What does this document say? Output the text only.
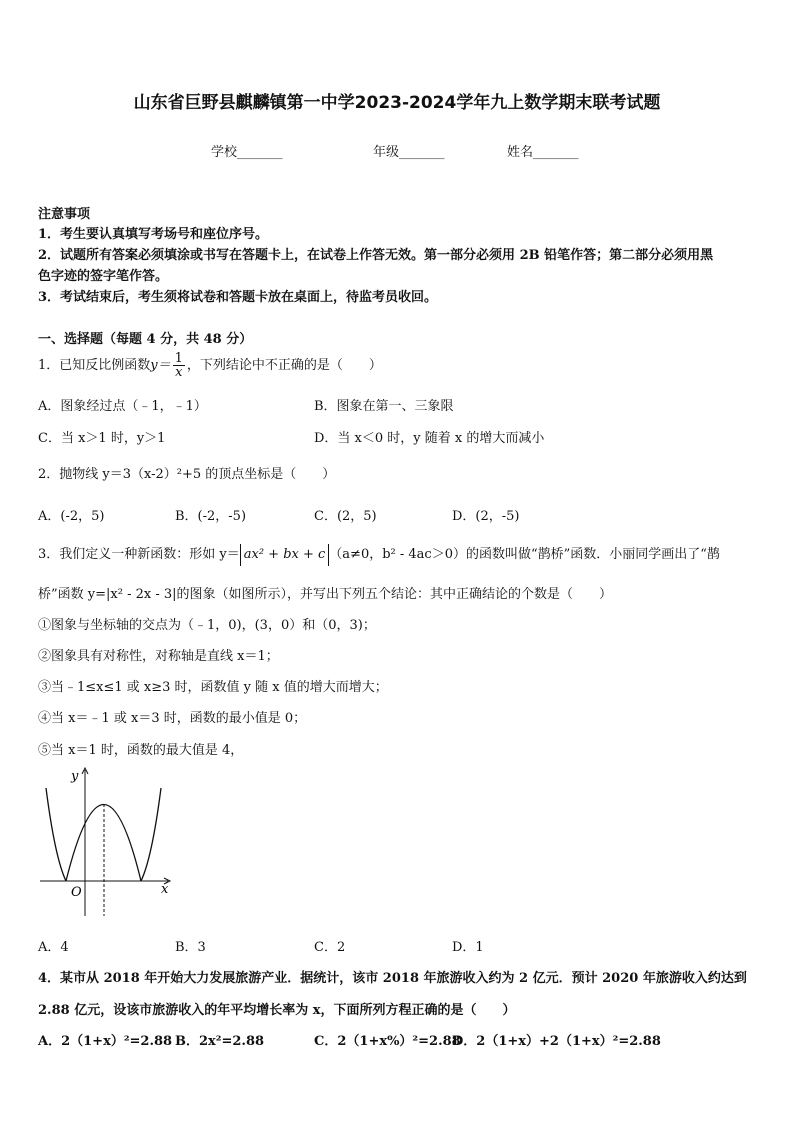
山东省巨野县麒麟镇第一中学2023-2024学年九上数学期末联考试题
学校_______	年级_______	姓名_______
注意事项
1．考生要认真填写考场号和座位序号。
2．试题所有答案必须填涂或书写在答题卡上，在试卷上作答无效。第一部分必须用 2B 铅笔作答；第二部分必须用黑
色字迹的签字笔作答。
3．考试结束后，考生须将试卷和答题卡放在桌面上，待监考员收回。
一、选择题（每题 4 分，共 48 分）
1．已知反比例函数$y= \frac{1}{x}$ ，下列结论中不正确的是（　　）
A．图象经过点（﹣1，﹣1）	B．图象在第一、三象限
C．当 x＞1 时，y＞1	D．当 x＜0 时，y 随着 x 的增大而减小
2．抛物线 y＝3（x-2）²+5 的顶点坐标是（　　）
A．(-2，5)	B．(-2，-5)	C．(2，5)	D．(2，-5)
3．我们定义一种新函数：形如 y＝ ax² + bx + c （a≠0，b² - 4ac＞0）的函数叫做“鹊桥”函数．小丽同学画出了“鹊
桥”函数 y=|x² - 2x - 3|的图象（如图所示），并写出下列五个结论：其中正确结论的个数是（　　）
①图象与坐标轴的交点为（﹣1，0)，(3，0）和（0，3)；
②图象具有对称性，对称轴是直线 x＝1；
③当﹣1≤x≤1 或 x≥3 时，函数值 y 随 x 值的增大而增大；
④当 x＝﹣1 或 x＝3 时，函数的最小值是 0；
⑤当 x＝1 时，函数的最大值是 4，
y
x
O
A．4	B．3	C．2	D．1
4．某市从 2018 年开始大力发展旅游产业．据统计，该市 2018 年旅游收入约为 2 亿元．预计 2020 年旅游收入约达到
2.88 亿元，设该市旅游收入的年平均增长率为 x，下面所列方程正确的是（　　）
A．2（1+x）²=2.88 B．2x²=2.88	C．2（1+x%）²=2.88
D．2（1+x）+2（1+x）²=2.88
